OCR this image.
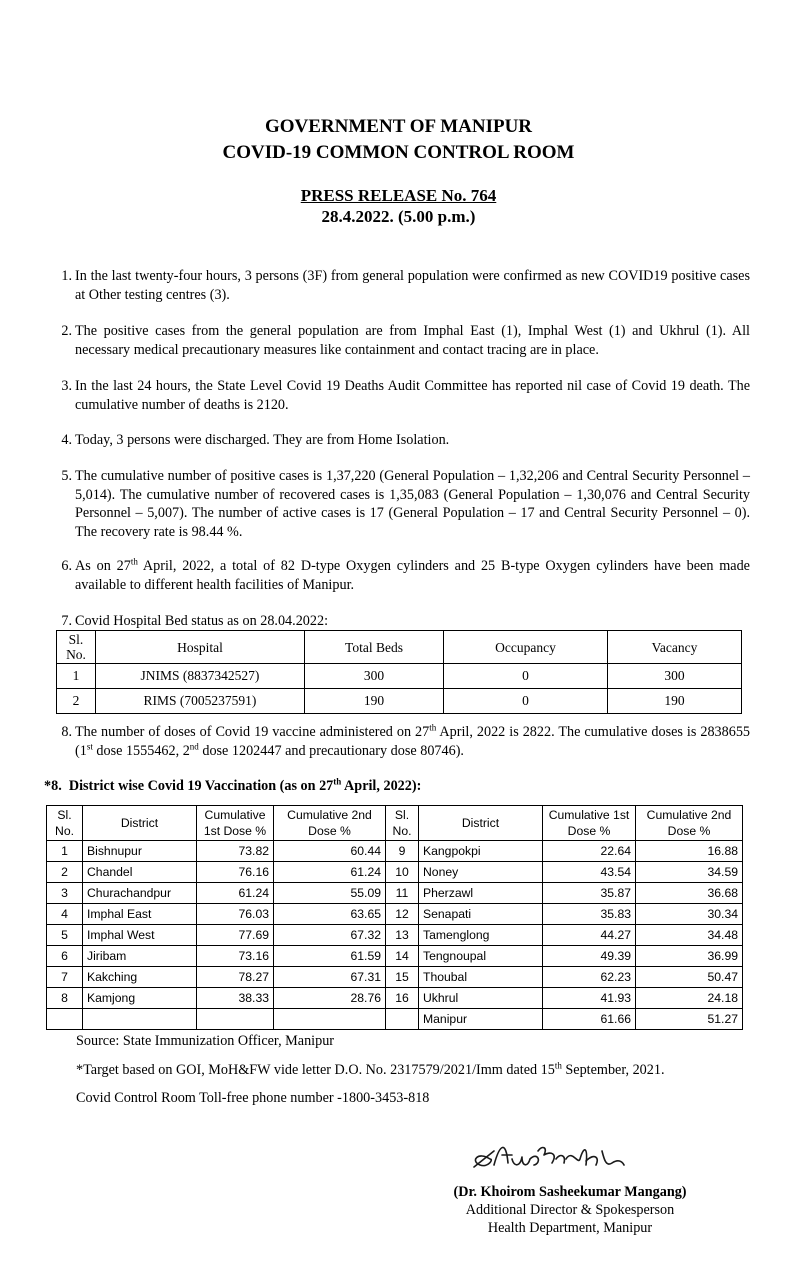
GOVERNMENT OF MANIPUR
COVID-19 COMMON CONTROL ROOM
PRESS RELEASE No. 764
28.4.2022. (5.00 p.m.)
1. In the last twenty-four hours, 3 persons (3F) from general population were confirmed as new COVID19 positive cases at Other testing centres (3).
2. The positive cases from the general population are from Imphal East (1), Imphal West (1) and Ukhrul (1). All necessary medical precautionary measures like containment and contact tracing are in place.
3. In the last 24 hours, the State Level Covid 19 Deaths Audit Committee has reported nil case of Covid 19 death. The cumulative number of deaths is 2120.
4. Today, 3 persons were discharged. They are from Home Isolation.
5. The cumulative number of positive cases is 1,37,220 (General Population – 1,32,206 and Central Security Personnel – 5,014). The cumulative number of recovered cases is 1,35,083 (General Population – 1,30,076 and Central Security Personnel – 5,007). The number of active cases is 17 (General Population – 17 and Central Security Personnel – 0). The recovery rate is 98.44 %.
6. As on 27th April, 2022, a total of 82 D-type Oxygen cylinders and 25 B-type Oxygen cylinders have been made available to different health facilities of Manipur.
7. Covid Hospital Bed status as on 28.04.2022:
Sl. No.	Hospital	Total Beds	Occupancy	Vacancy
1	JNIMS (8837342527)	300	0	300
2	RIMS (7005237591)	190	0	190
8. The number of doses of Covid 19 vaccine administered on 27th April, 2022 is 2822. The cumulative doses is 2838655 (1st dose 1555462, 2nd dose 1202447 and precautionary dose 80746).
*8. District wise Covid 19 Vaccination (as on 27th April, 2022):
Sl. No.	District	Cumulative 1st Dose %	Cumulative 2nd Dose %	Sl. No.	District	Cumulative 1st Dose %	Cumulative 2nd Dose %
1	Bishnupur	73.82	60.44	9	Kangpokpi	22.64	16.88
2	Chandel	76.16	61.24	10	Noney	43.54	34.59
3	Churachandpur	61.24	55.09	11	Pherzawl	35.87	36.68
4	Imphal East	76.03	63.65	12	Senapati	35.83	30.34
5	Imphal West	77.69	67.32	13	Tamenglong	44.27	34.48
6	Jiribam	73.16	61.59	14	Tengnoupal	49.39	36.99
7	Kakching	78.27	67.31	15	Thoubal	62.23	50.47
8	Kamjong	38.33	28.76	16	Ukhrul	41.93	24.18
					Manipur	61.66	51.27
Source: State Immunization Officer, Manipur
*Target based on GOI, MoH&FW vide letter D.O. No. 2317579/2021/Imm dated 15th September, 2021.
Covid Control Room Toll-free phone number -1800-3453-818
(Dr. Khoirom Sasheekumar Mangang)
Additional Director & Spokesperson
Health Department, Manipur
